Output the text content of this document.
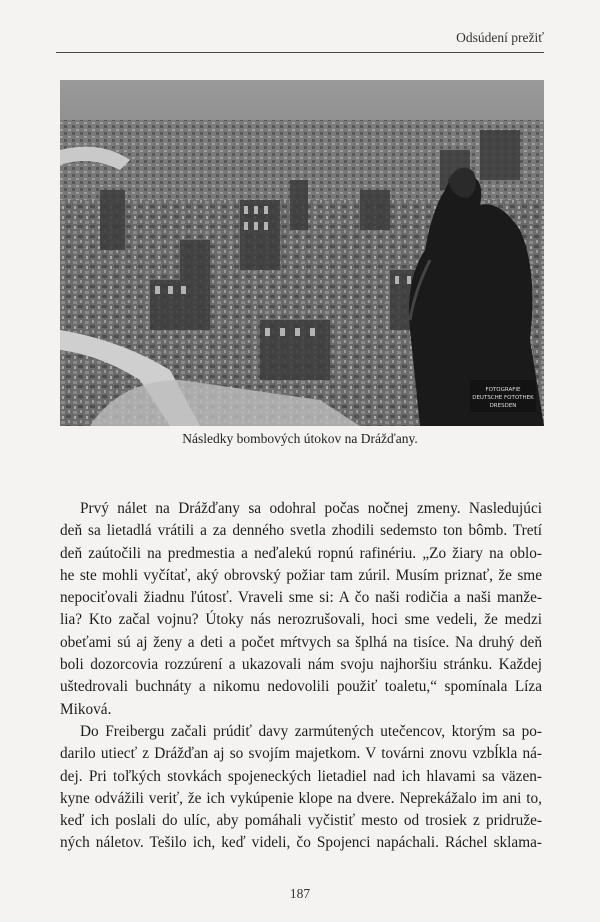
Odsúdení prežiť
FOTOGRAFIE
DEUTSCHE FOTOTHEK
DRESDEN
Následky bombových útokov na Drážďany.
Prvý nálet na Drážďany sa odohral počas nočnej zmeny. Nasledujúci
deň sa lietadlá vrátili a za denného svetla zhodili sedemsto ton bômb. Tretí
deň zaútočili na predmestia a neďalekú ropnú rafinériu. „Zo žiary na oblo-
he ste mohli vyčítať, aký obrovský požiar tam zúril. Musím priznať, že sme
nepociťovali žiadnu ľútosť. Vraveli sme si: A čo naši rodičia a naši manže-
lia? Kto začal vojnu? Útoky nás nerozrušovali, hoci sme vedeli, že medzi
obeťami sú aj ženy a deti a počet mŕtvych sa šplhá na tisíce. Na druhý deň
boli dozorcovia rozzúrení a ukazovali nám svoju najhoršiu stránku. Každej
uštedrovali buchnáty a nikomu nedovolili použiť toaletu,“ spomínala Líza
Miková.
Do Freibergu začali prúdiť davy zarmútených utečencov, ktorým sa po-
darilo utiecť z Drážďan aj so svojím majetkom. V továrni znovu vzbĺkla ná-
dej. Pri toľkých stovkách spojeneckých lietadiel nad ich hlavami sa väzen-
kyne odvážili veriť, že ich vykúpenie klope na dvere. Neprekážalo im ani to,
keď ich poslali do ulíc, aby pomáhali vyčistiť mesto od trosiek z pridruže-
ných náletov. Tešilo ich, keď videli, čo Spojenci napáchali. Ráchel sklama-
187
